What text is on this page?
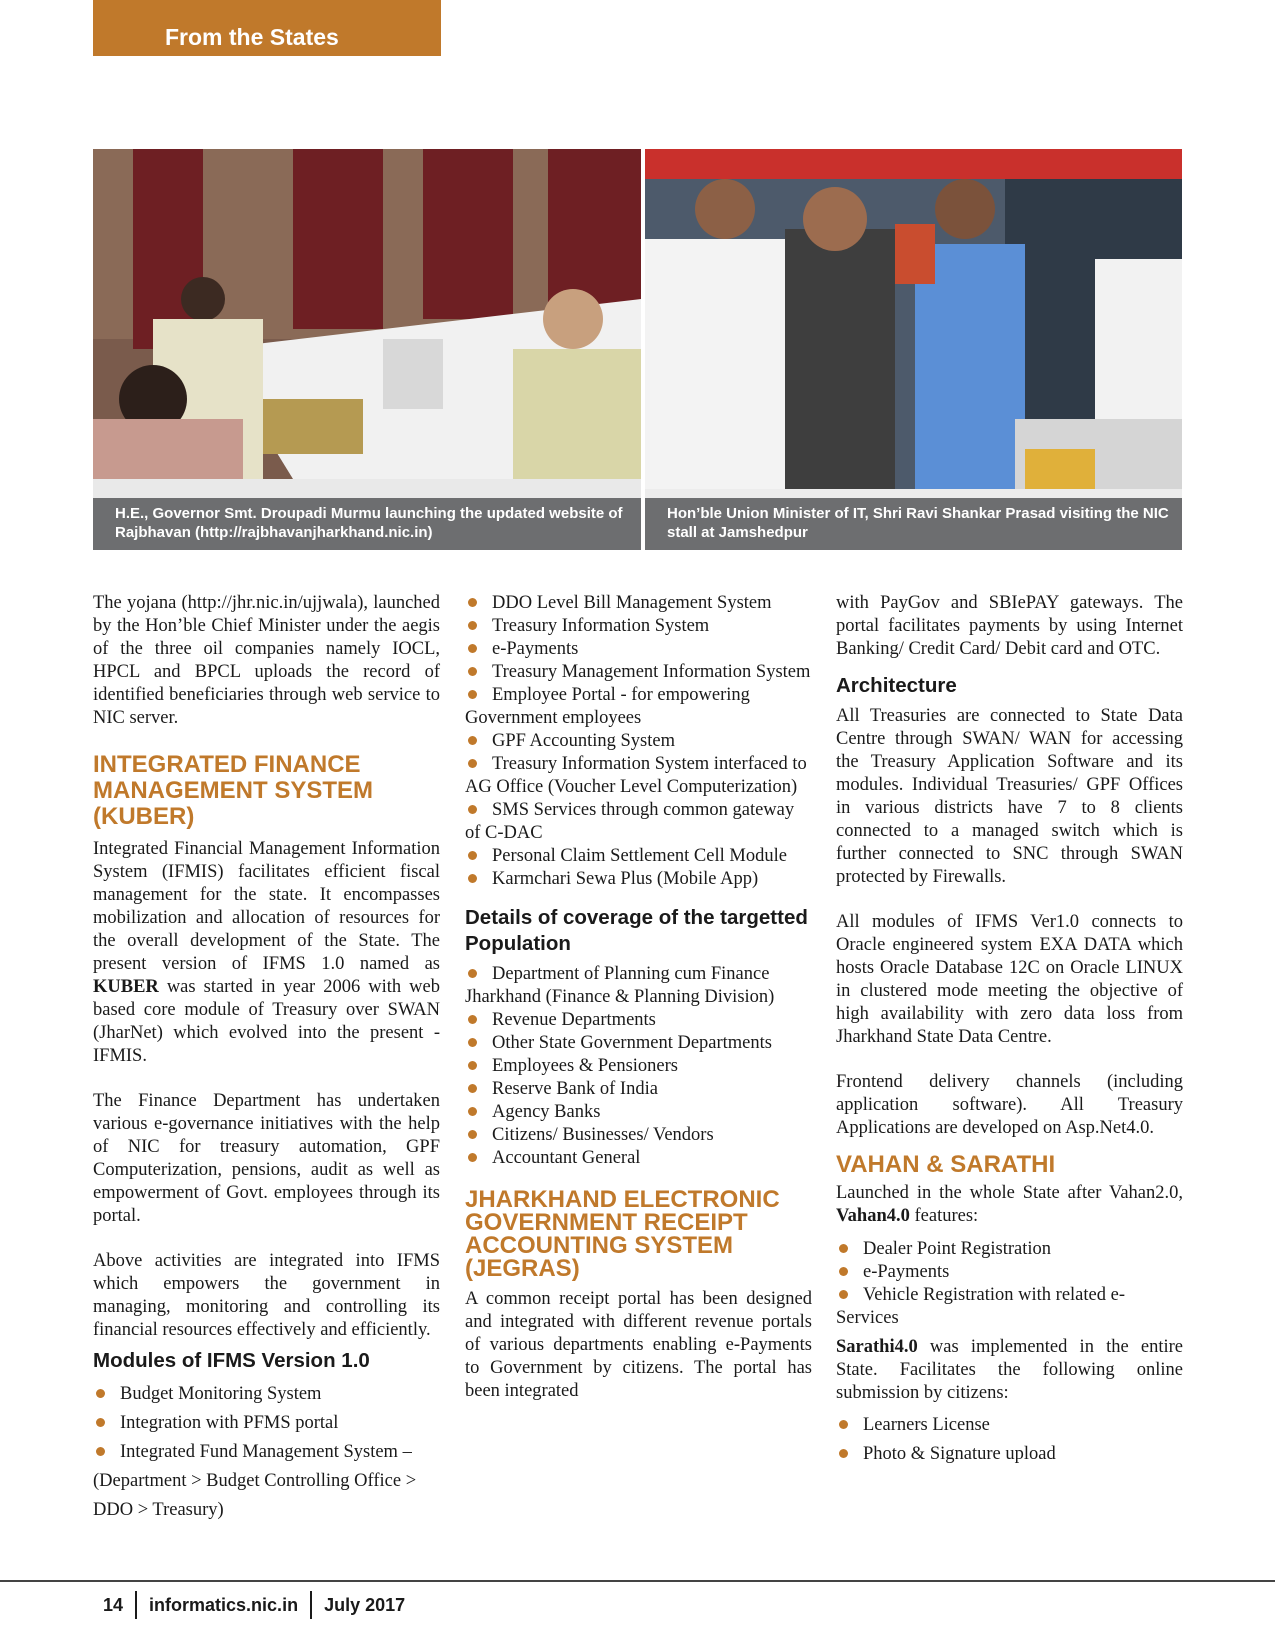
From the States
H.E., Governor Smt. Droupadi Murmu launching the updated website of Rajbhavan (http://rajbhavanjharkhand.nic.in)
Hon’ble Union Minister of IT, Shri Ravi Shankar Prasad visiting the NIC stall at Jamshedpur

The yojana (http://jhr.nic.in/ujjwala), launched by the Hon’ble Chief Minister under the aegis of the three oil companies namely IOCL, HPCL and BPCL uploads the record of identified beneficiaries through web service to NIC server.

INTEGRATED FINANCE MANAGEMENT SYSTEM (KUBER)

Integrated Financial Management Information System (IFMIS) facilitates efficient fiscal management for the state. It encompasses mobilization and allocation of resources for the overall development of the State. The present version of IFMS 1.0 named as KUBER was started in year 2006 with web based core module of Treasury over SWAN (JharNet) which evolved into the present - IFMIS.

The Finance Department has undertaken various e-governance initiatives with the help of NIC for treasury automation, GPF Computerization, pensions, audit as well as empowerment of Govt. employees through its portal.

Above activities are integrated into IFMS which empowers the government in managing, monitoring and controlling its financial resources effectively and efficiently.

Modules of IFMS Version 1.0
Budget Monitoring System
Integration with PFMS portal
Integrated Fund Management System – (Department > Budget Controlling Office > DDO > Treasury)
DDO Level Bill Management System
Treasury Information System
e-Payments
Treasury Management Information System
Employee Portal - for empowering Government employees
GPF Accounting System
Treasury Information System interfaced to AG Office (Voucher Level Computerization)
SMS Services through common gateway of C-DAC
Personal Claim Settlement Cell Module
Karmchari Sewa Plus (Mobile App)
Details of coverage of the targetted Population
Department of Planning cum Finance Jharkhand (Finance & Planning Division)
Revenue Departments
Other State Government Departments
Employees & Pensioners
Reserve Bank of India
Agency Banks
Citizens/ Businesses/ Vendors
Accountant General
JHARKHAND ELECTRONIC GOVERNMENT RECEIPT ACCOUNTING SYSTEM (JEGRAS)

A common receipt portal has been designed and integrated with different revenue portals of various departments enabling e-Payments to Government by citizens. The portal has been integrated

with PayGov and SBIePAY gateways. The portal facilitates payments by using Internet Banking/ Credit Card/ Debit card and OTC.

Architecture

All Treasuries are connected to State Data Centre through SWAN/ WAN for accessing the Treasury Application Software and its modules. Individual Treasuries/ GPF Offices in various districts have 7 to 8 clients connected to a managed switch which is further connected to SNC through SWAN protected by Firewalls.

All modules of IFMS Ver1.0 connects to Oracle engineered system EXA DATA which hosts Oracle Database 12C on Oracle LINUX in clustered mode meeting the objective of high availability with zero data loss from Jharkhand State Data Centre.

Frontend delivery channels (including application software). All Treasury Applications are developed on Asp.Net4.0.

VAHAN & SARATHI

Launched in the whole State after Vahan2.0, Vahan4.0 features:

Dealer Point Registration
e-Payments
Vehicle Registration with related e-Services

Sarathi4.0 was implemented in the entire State. Facilitates the following online submission by citizens:

Learners License
Photo & Signature upload
14 informatics.nic.in July 2017
